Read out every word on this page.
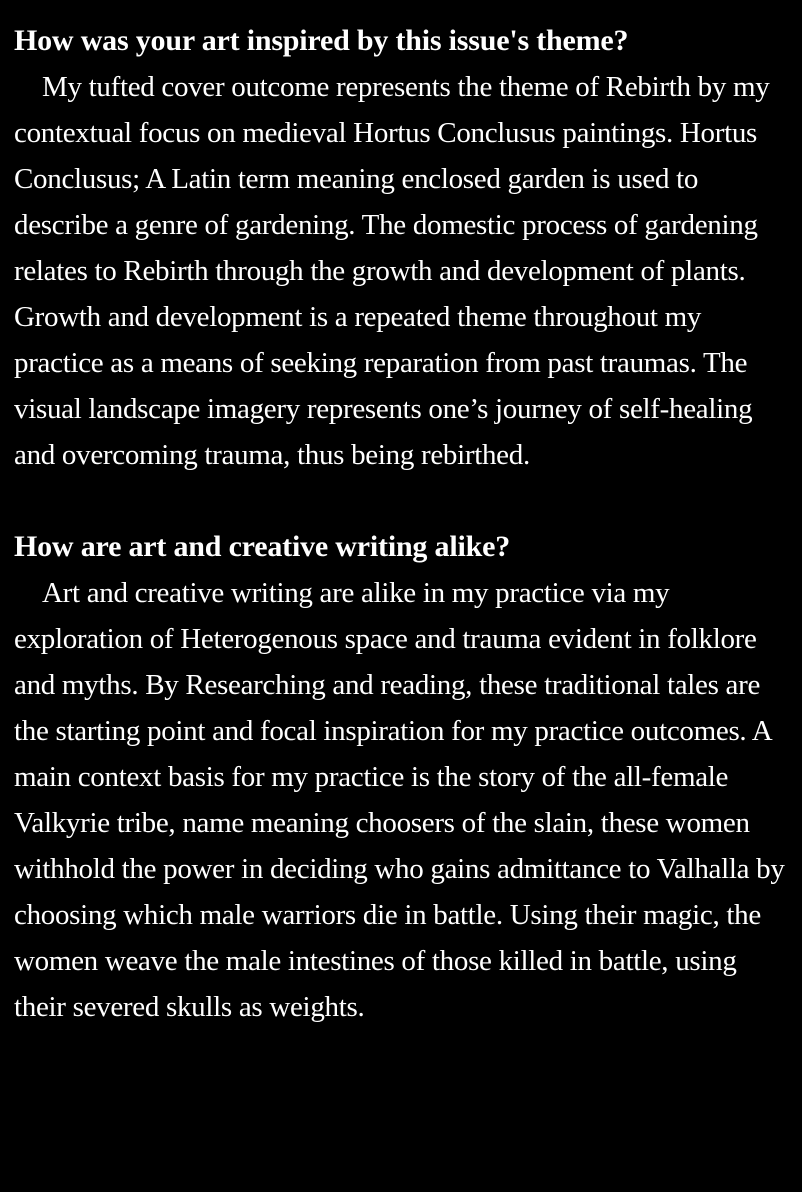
How was your art inspired by this issue's theme?

My tufted cover outcome represents the theme of Rebirth by my contextual focus on medieval Hortus Conclusus paintings. Hortus Conclusus; A Latin term meaning enclosed garden is used to describe a genre of gardening. The domestic process of gardening relates to Rebirth through the growth and development of plants. Growth and development is a repeated theme throughout my practice as a means of seeking reparation from past traumas. The visual landscape imagery represents one’s journey of self-healing and overcoming trauma, thus being rebirthed.

How are art and creative writing alike?

Art and creative writing are alike in my practice via my exploration of Heterogenous space and trauma evident in folklore and myths. By Researching and reading, these traditional tales are the starting point and focal inspiration for my practice outcomes. A main context basis for my practice is the story of the all-female Valkyrie tribe, name meaning choosers of the slain, these women withhold the power in deciding who gains admittance to Valhalla by choosing which male warriors die in battle. Using their magic, the women weave the male intestines of those killed in battle, using their severed skulls as weights.
